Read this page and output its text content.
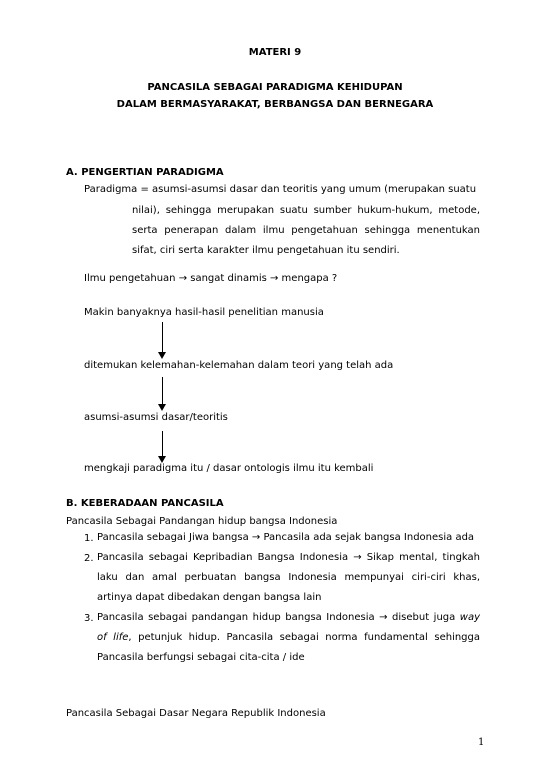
MATERI 9
PANCASILA SEBAGAI PARADIGMA KEHIDUPAN
DALAM BERMASYARAKAT, BERBANGSA DAN BERNEGARA
A. PENGERTIAN PARADIGMA
Paradigma = asumsi-asumsi dasar dan teoritis yang umum (merupakan suatu
nilai), sehingga merupakan suatu sumber hukum-hukum, metode,
serta penerapan dalam ilmu pengetahuan sehingga menentukan
sifat, ciri serta karakter ilmu pengetahuan itu sendiri.
Ilmu pengetahuan → sangat dinamis → mengapa ?
Makin banyaknya hasil-hasil penelitian manusia
ditemukan kelemahan-kelemahan dalam teori yang telah ada
asumsi-asumsi dasar/teoritis
mengkaji paradigma itu / dasar ontologis ilmu itu kembali
B. KEBERADAAN PANCASILA
Pancasila Sebagai Pandangan hidup bangsa Indonesia
1. Pancasila sebagai Jiwa bangsa → Pancasila ada sejak bangsa Indonesia ada
2. Pancasila sebagai Kepribadian Bangsa Indonesia → Sikap mental, tingkah laku dan amal perbuatan bangsa Indonesia mempunyai ciri-ciri khas, artinya dapat dibedakan dengan bangsa lain
3. Pancasila sebagai pandangan hidup bangsa Indonesia → disebut juga way of life, petunjuk hidup. Pancasila sebagai norma fundamental sehingga Pancasila berfungsi sebagai cita-cita / ide
Pancasila Sebagai Dasar Negara Republik Indonesia
1
